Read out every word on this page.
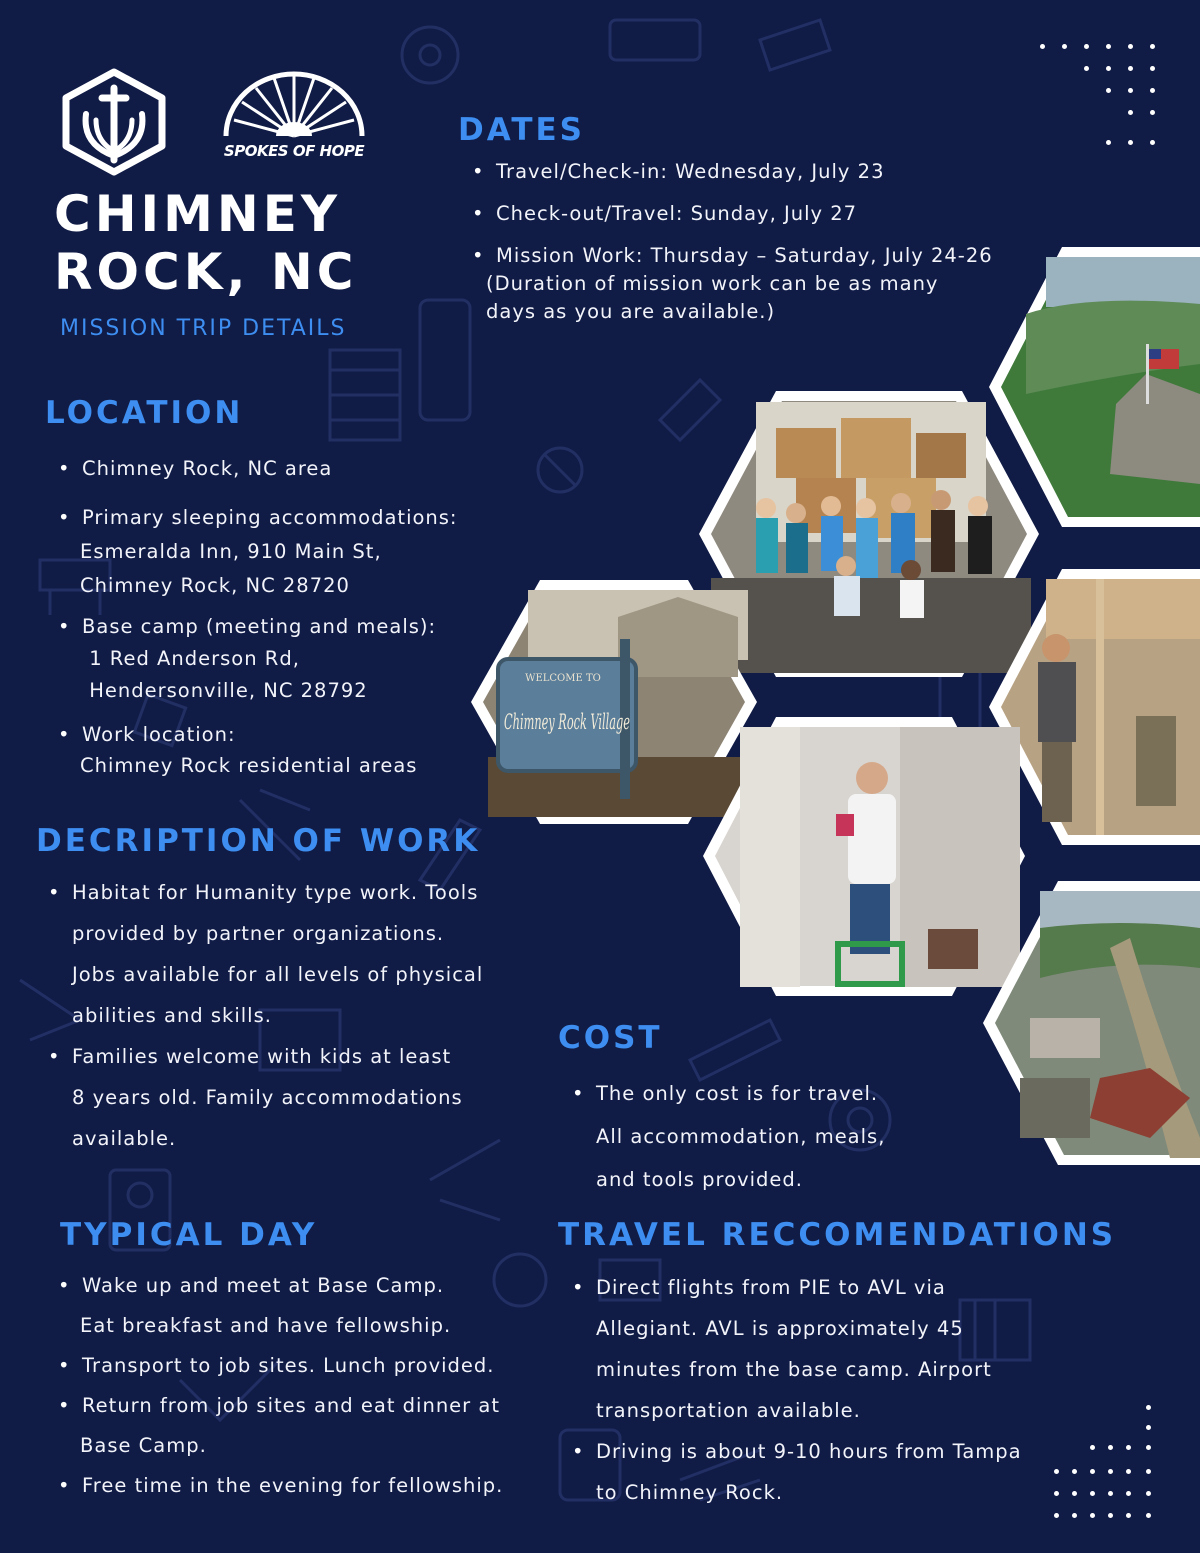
SPOKES OF HOPE
CHIMNEY
ROCK, NC
MISSION TRIP DETAILS
DATES
• Travel/Check-in: Wednesday, July 23
• Check-out/Travel: Sunday, July 27
• Mission Work: Thursday – Saturday, July 24-26
(Duration of mission work can be as many
days as you are available.)
LOCATION
• Chimney Rock, NC area
• Primary sleeping accommodations:
Esmeralda Inn, 910 Main St,
Chimney Rock, NC 28720
• Base camp (meeting and meals):
1 Red Anderson Rd,
Hendersonville, NC 28792
• Work location:
Chimney Rock residential areas
DECRIPTION OF WORK
• Habitat for Humanity type work. Tools
provided by partner organizations.
Jobs available for all levels of physical
abilities and skills.
• Families welcome with kids at least
8 years old. Family accommodations
available.
COST
• The only cost is for travel.
All accommodation, meals,
and tools provided.
TYPICAL DAY
• Wake up and meet at Base Camp.
Eat breakfast and have fellowship.
• Transport to job sites. Lunch provided.
• Return from job sites and eat dinner at
Base Camp.
• Free time in the evening for fellowship.
TRAVEL RECCOMENDATIONS
• Direct flights from PIE to AVL via
Allegiant. AVL is approximately 45
minutes from the base camp. Airport
transportation available.
• Driving is about 9-10 hours from Tampa
to Chimney Rock.
WELCOME TO
Chimney Rock Village
